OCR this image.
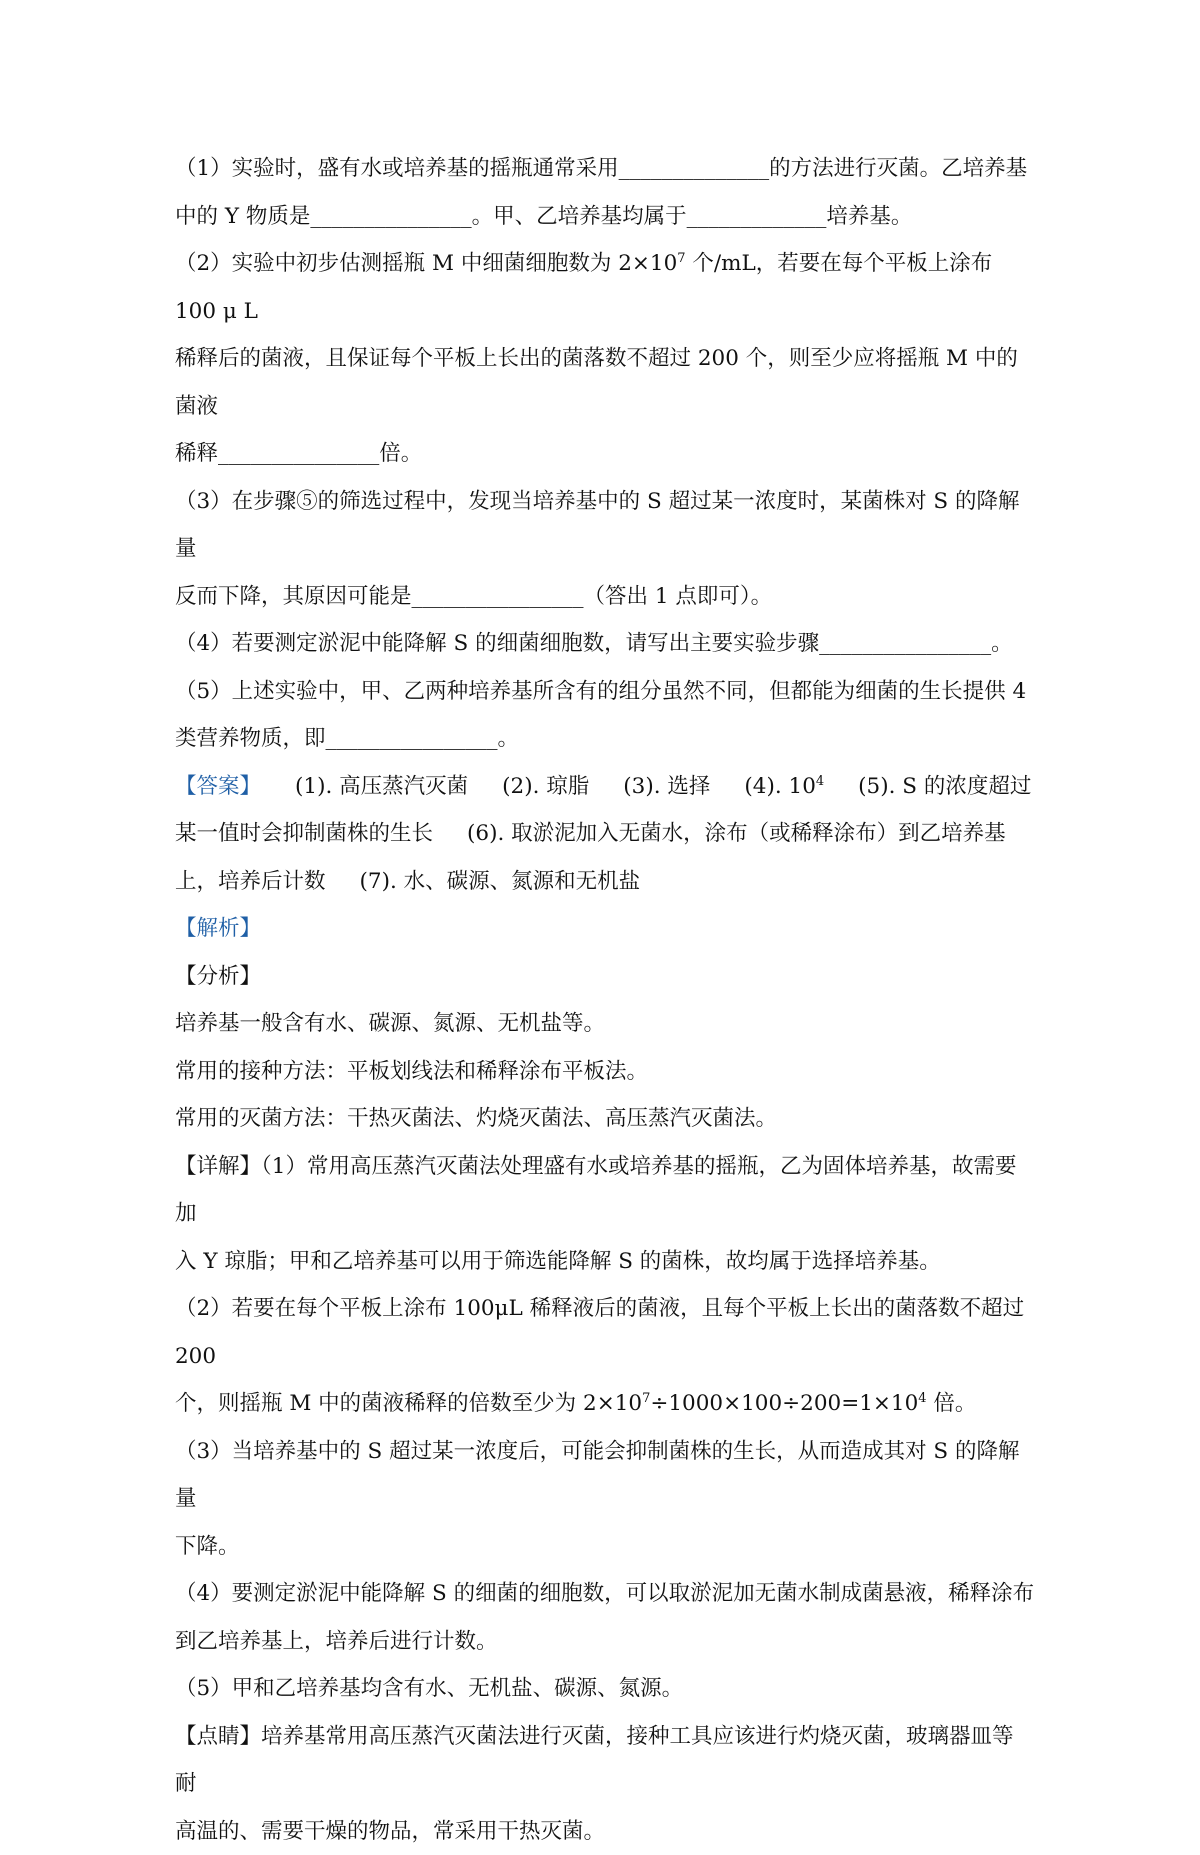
（1）实验时，盛有水或培养基的摇瓶通常采用______________的方法进行灭菌。乙培养基

中的 Y 物质是_______________。甲、乙培养基均属于_____________培养基。

（2）实验中初步估测摇瓶 M 中细菌细胞数为 $2\times 10^7$ 个/mL，若要在每个平板上涂布 100 μ L

稀释后的菌液，且保证每个平板上长出的菌落数不超过 200 个，则至少应将摇瓶 M 中的菌液

稀释_______________倍。

（3）在步骤⑤的筛选过程中，发现当培养基中的 S 超过某一浓度时，某菌株对 S 的降解量

反而下降，其原因可能是________________（答出 1 点即可）。

（4）若要测定淤泥中能降解 S 的细菌细胞数，请写出主要实验步骤________________。

（5）上述实验中，甲、乙两种培养基所含有的组分虽然不同，但都能为细菌的生长提供 4

类营养物质，即________________。

【答案】 (1). 高压蒸汽灭菌 (2). 琼脂 (3). 选择 (4). $10^4$ (5). S 的浓度超过

某一值时会抑制菌株的生长 (6). 取淤泥加入无菌水，涂布（或稀释涂布）到乙培养基

上，培养后计数 (7). 水、碳源、氮源和无机盐

【解析】

【分析】

培养基一般含有水、碳源、氮源、无机盐等。

常用的接种方法：平板划线法和稀释涂布平板法。

常用的灭菌方法：干热灭菌法、灼烧灭菌法、高压蒸汽灭菌法。

【详解】（1）常用高压蒸汽灭菌法处理盛有水或培养基的摇瓶，乙为固体培养基，故需要加

入 Y 琼脂；甲和乙培养基可以用于筛选能降解 S 的菌株，故均属于选择培养基。

（2）若要在每个平板上涂布 100μL 稀释液后的菌液，且每个平板上长出的菌落数不超过 200

个，则摇瓶 M 中的菌液稀释的倍数至少为 $2\times 10^7\div 1000\times 100\div 200=1\times 10^4$ 倍。

（3）当培养基中的 S 超过某一浓度后，可能会抑制菌株的生长，从而造成其对 S 的降解量

下降。

（4）要测定淤泥中能降解 S 的细菌的细胞数，可以取淤泥加无菌水制成菌悬液，稀释涂布

到乙培养基上，培养后进行计数。

（5）甲和乙培养基均含有水、无机盐、碳源、氮源。

【点睛】培养基常用高压蒸汽灭菌法进行灭菌，接种工具应该进行灼烧灭菌，玻璃器皿等耐

高温的、需要干燥的物品，常采用干热灭菌。
